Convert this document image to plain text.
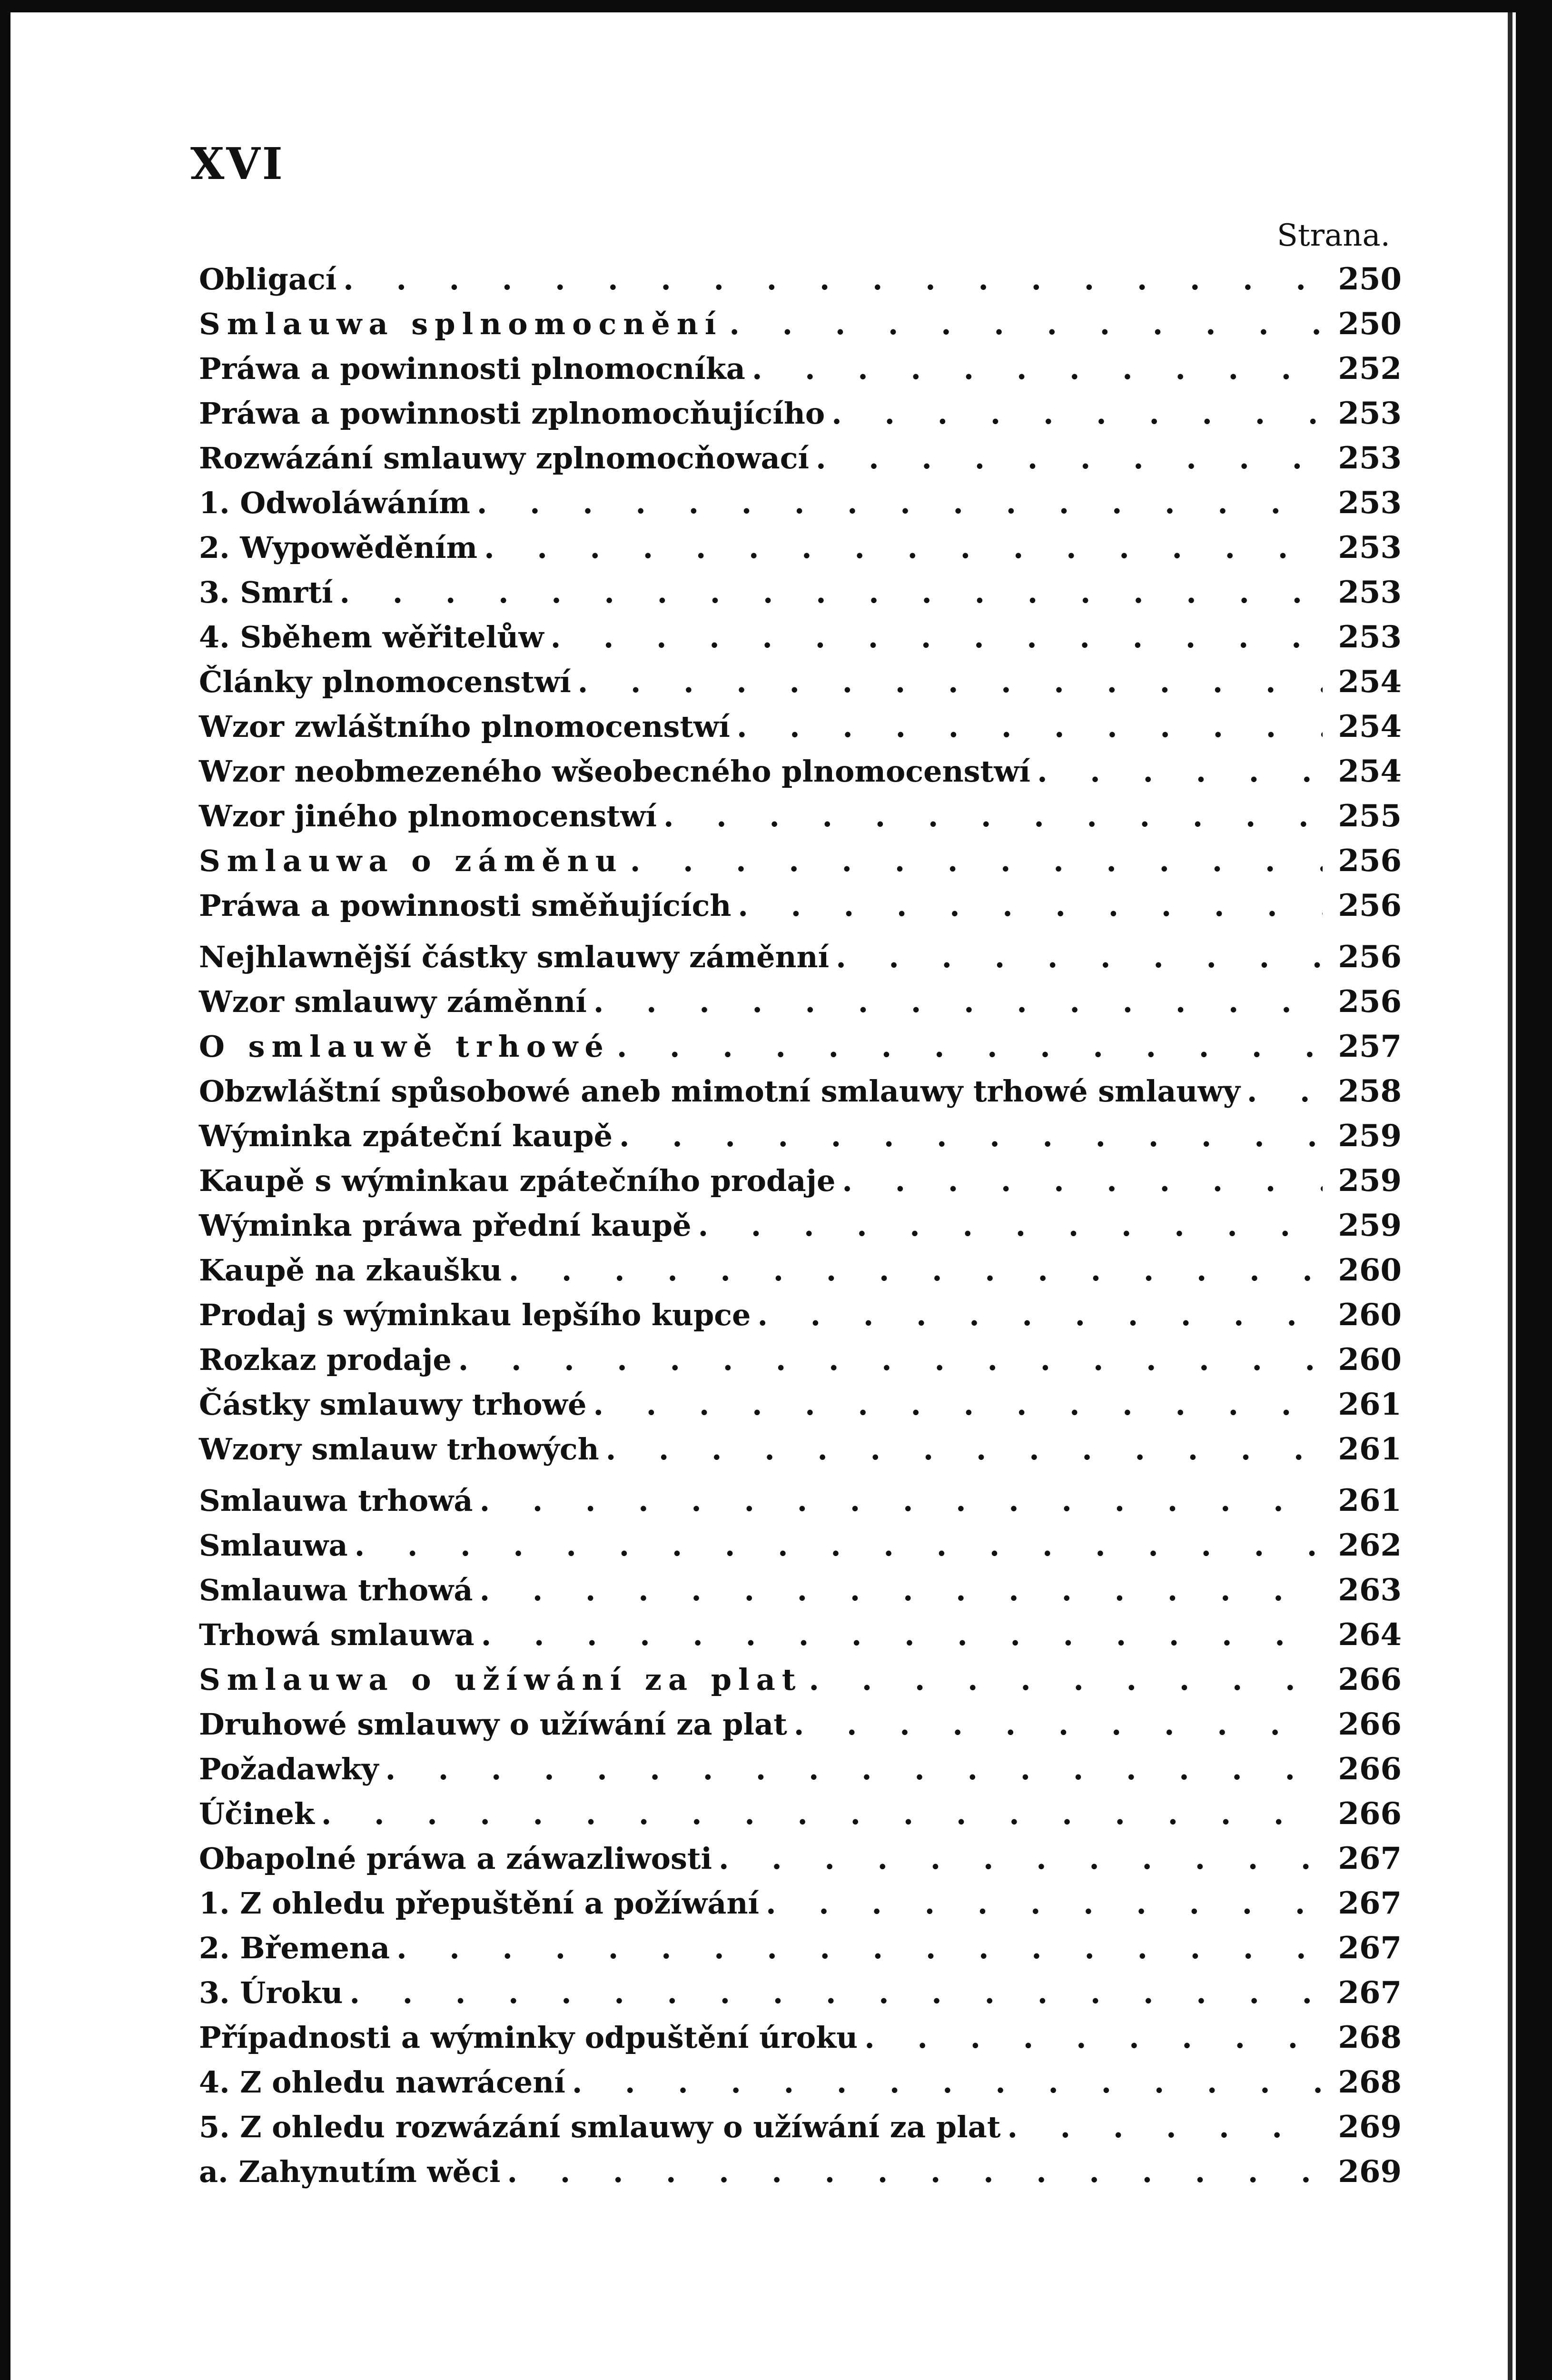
XVI
Strana.
Obligací . . .	250
Smlauwa splnomocnění . . .	250
Práwa a powinnosti plnomocníka . . .	252
Práwa a powinnosti zplnomocňujícího . . .	253
Rozwázání smlauwy zplnomocňowací . . .	253
1. Odwoláwáním . . .	253
2. Wypowěděním . . .	253
3. Smrtí . . .	253
4. Sběhem wěřitelůw . . .	253
Články plnomocenstwí . . .	254
Wzor zwláštního plnomocenstwí . . .	254
Wzor neobmezeného wšeobecného plnomocenstwí . . .	254
Wzor jiného plnomocenstwí . . .	255
Smlauwa o záměnu . . .	256
Práwa a powinnosti směňujících . . .	256
Nejhlawnější částky smlauwy záměnní . . .	256
Wzor smlauwy záměnní . . .	256
O smlauwě trhowé . . .	257
Obzwláštní spůsobowé aneb mimotní smlauwy trhowé smlauwy . . .	258
Wýminka zpáteční kaupě . . .	259
Kaupě s wýminkau zpátečního prodaje . . .	259
Wýminka práwa přední kaupě . . .	259
Kaupě na zkaušku . . .	260
Prodaj s wýminkau lepšího kupce . . .	260
Rozkaz prodaje . . .	260
Částky smlauwy trhowé . . .	261
Wzory smlauw trhowých . . .	261
Smlauwa trhowá . . .	261
Smlauwa . . .	262
Smlauwa trhowá . . .	263
Trhowá smlauwa . . .	264
Smlauwa o užíwání za plat . . .	266
Druhowé smlauwy o užíwání za plat . . .	266
Požadawky . . .	266
Účinek . . .	266
Obapolné práwa a záwazliwosti . . .	267
1. Z ohledu přepuštění a požíwání . . .	267
2. Břemena . . .	267
3. Úroku . . .	267
Případnosti a wýminky odpuštění úroku . . .	268
4. Z ohledu nawrácení . . .	268
5. Z ohledu rozwázání smlauwy o užíwání za plat . . .	269
a. Zahynutím wěci . . .	269
